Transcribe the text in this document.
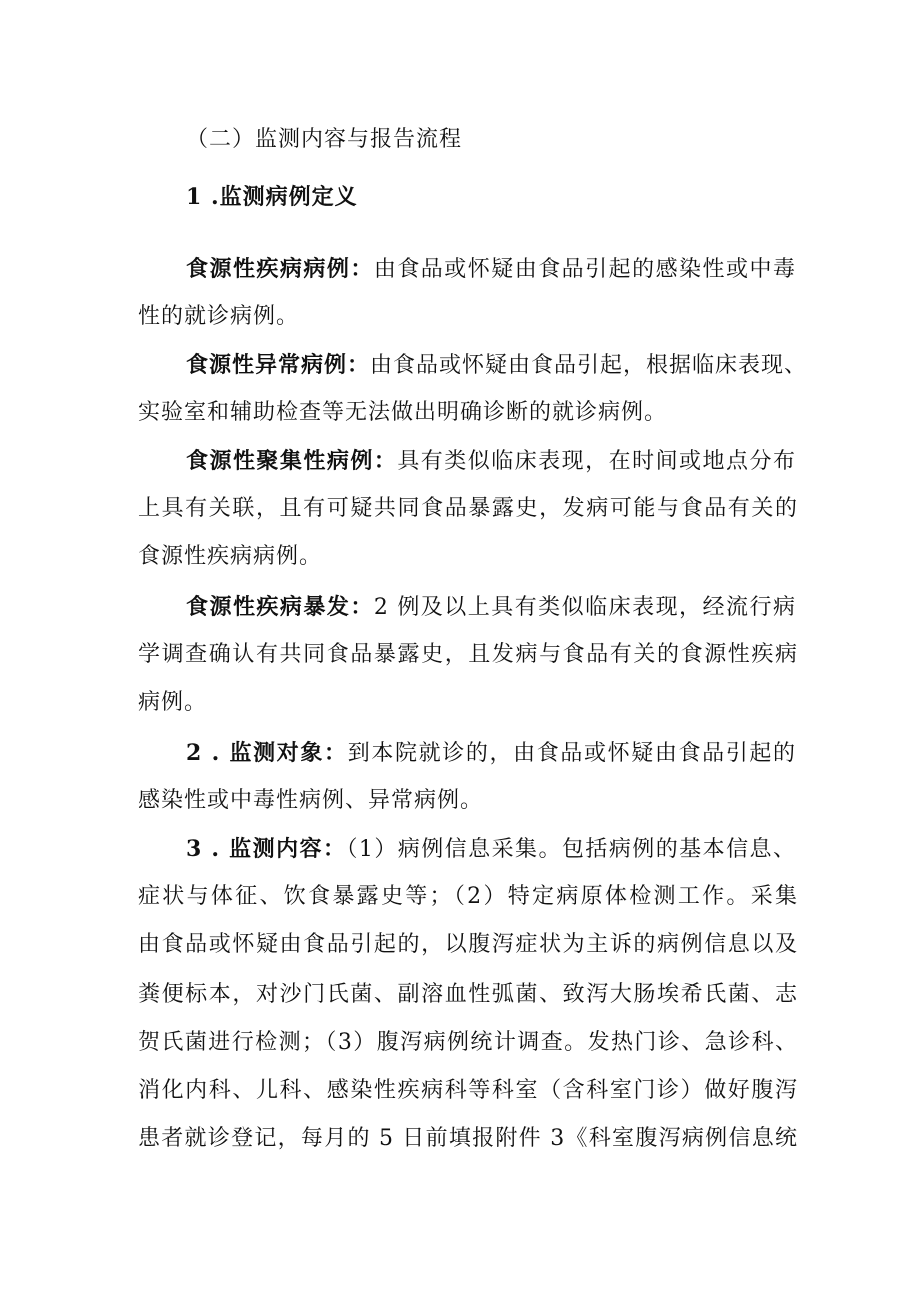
（二）监测内容与报告流程
1 .监测病例定义
食源性疾病病例：由食品或怀疑由食品引起的感染性或中毒
性的就诊病例。
食源性异常病例：由食品或怀疑由食品引起，根据临床表现、
实验室和辅助检查等无法做出明确诊断的就诊病例。
食源性聚集性病例：具有类似临床表现，在时间或地点分布
上具有关联，且有可疑共同食品暴露史，发病可能与食品有关的
食源性疾病病例。
食源性疾病暴发：2 例及以上具有类似临床表现，经流行病
学调查确认有共同食品暴露史，且发病与食品有关的食源性疾病
病例。
2 . 监测对象：到本院就诊的，由食品或怀疑由食品引起的
感染性或中毒性病例、异常病例。
3 . 监测内容：（1）病例信息采集。包括病例的基本信息、
症状与体征、饮食暴露史等；（2）特定病原体检测工作。采集
由食品或怀疑由食品引起的，以腹泻症状为主诉的病例信息以及
粪便标本，对沙门氏菌、副溶血性弧菌、致泻大肠埃希氏菌、志
贺氏菌进行检测；（3）腹泻病例统计调查。发热门诊、急诊科、
消化内科、儿科、感染性疾病科等科室（含科室门诊）做好腹泻
患者就诊登记，每月的 5 日前填报附件 3《科室腹泻病例信息统
